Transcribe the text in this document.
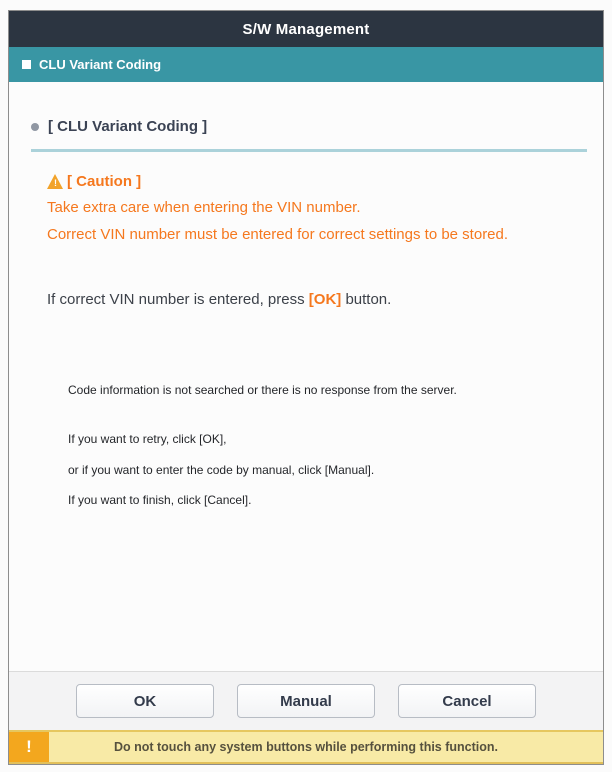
S/W Management
CLU Variant Coding
[ CLU Variant Coding ]
! [ Caution ]
Take extra care when entering the VIN number.
Correct VIN number must be entered for correct settings to be stored.
If correct VIN number is entered, press [OK] button.
Code information is not searched or there is no response from the server.
If you want to retry, click [OK],
or if you want to enter the code by manual, click [Manual].
If you want to finish, click [Cancel].
OK	Manual	Cancel
!	Do not touch any system buttons while performing this function.
